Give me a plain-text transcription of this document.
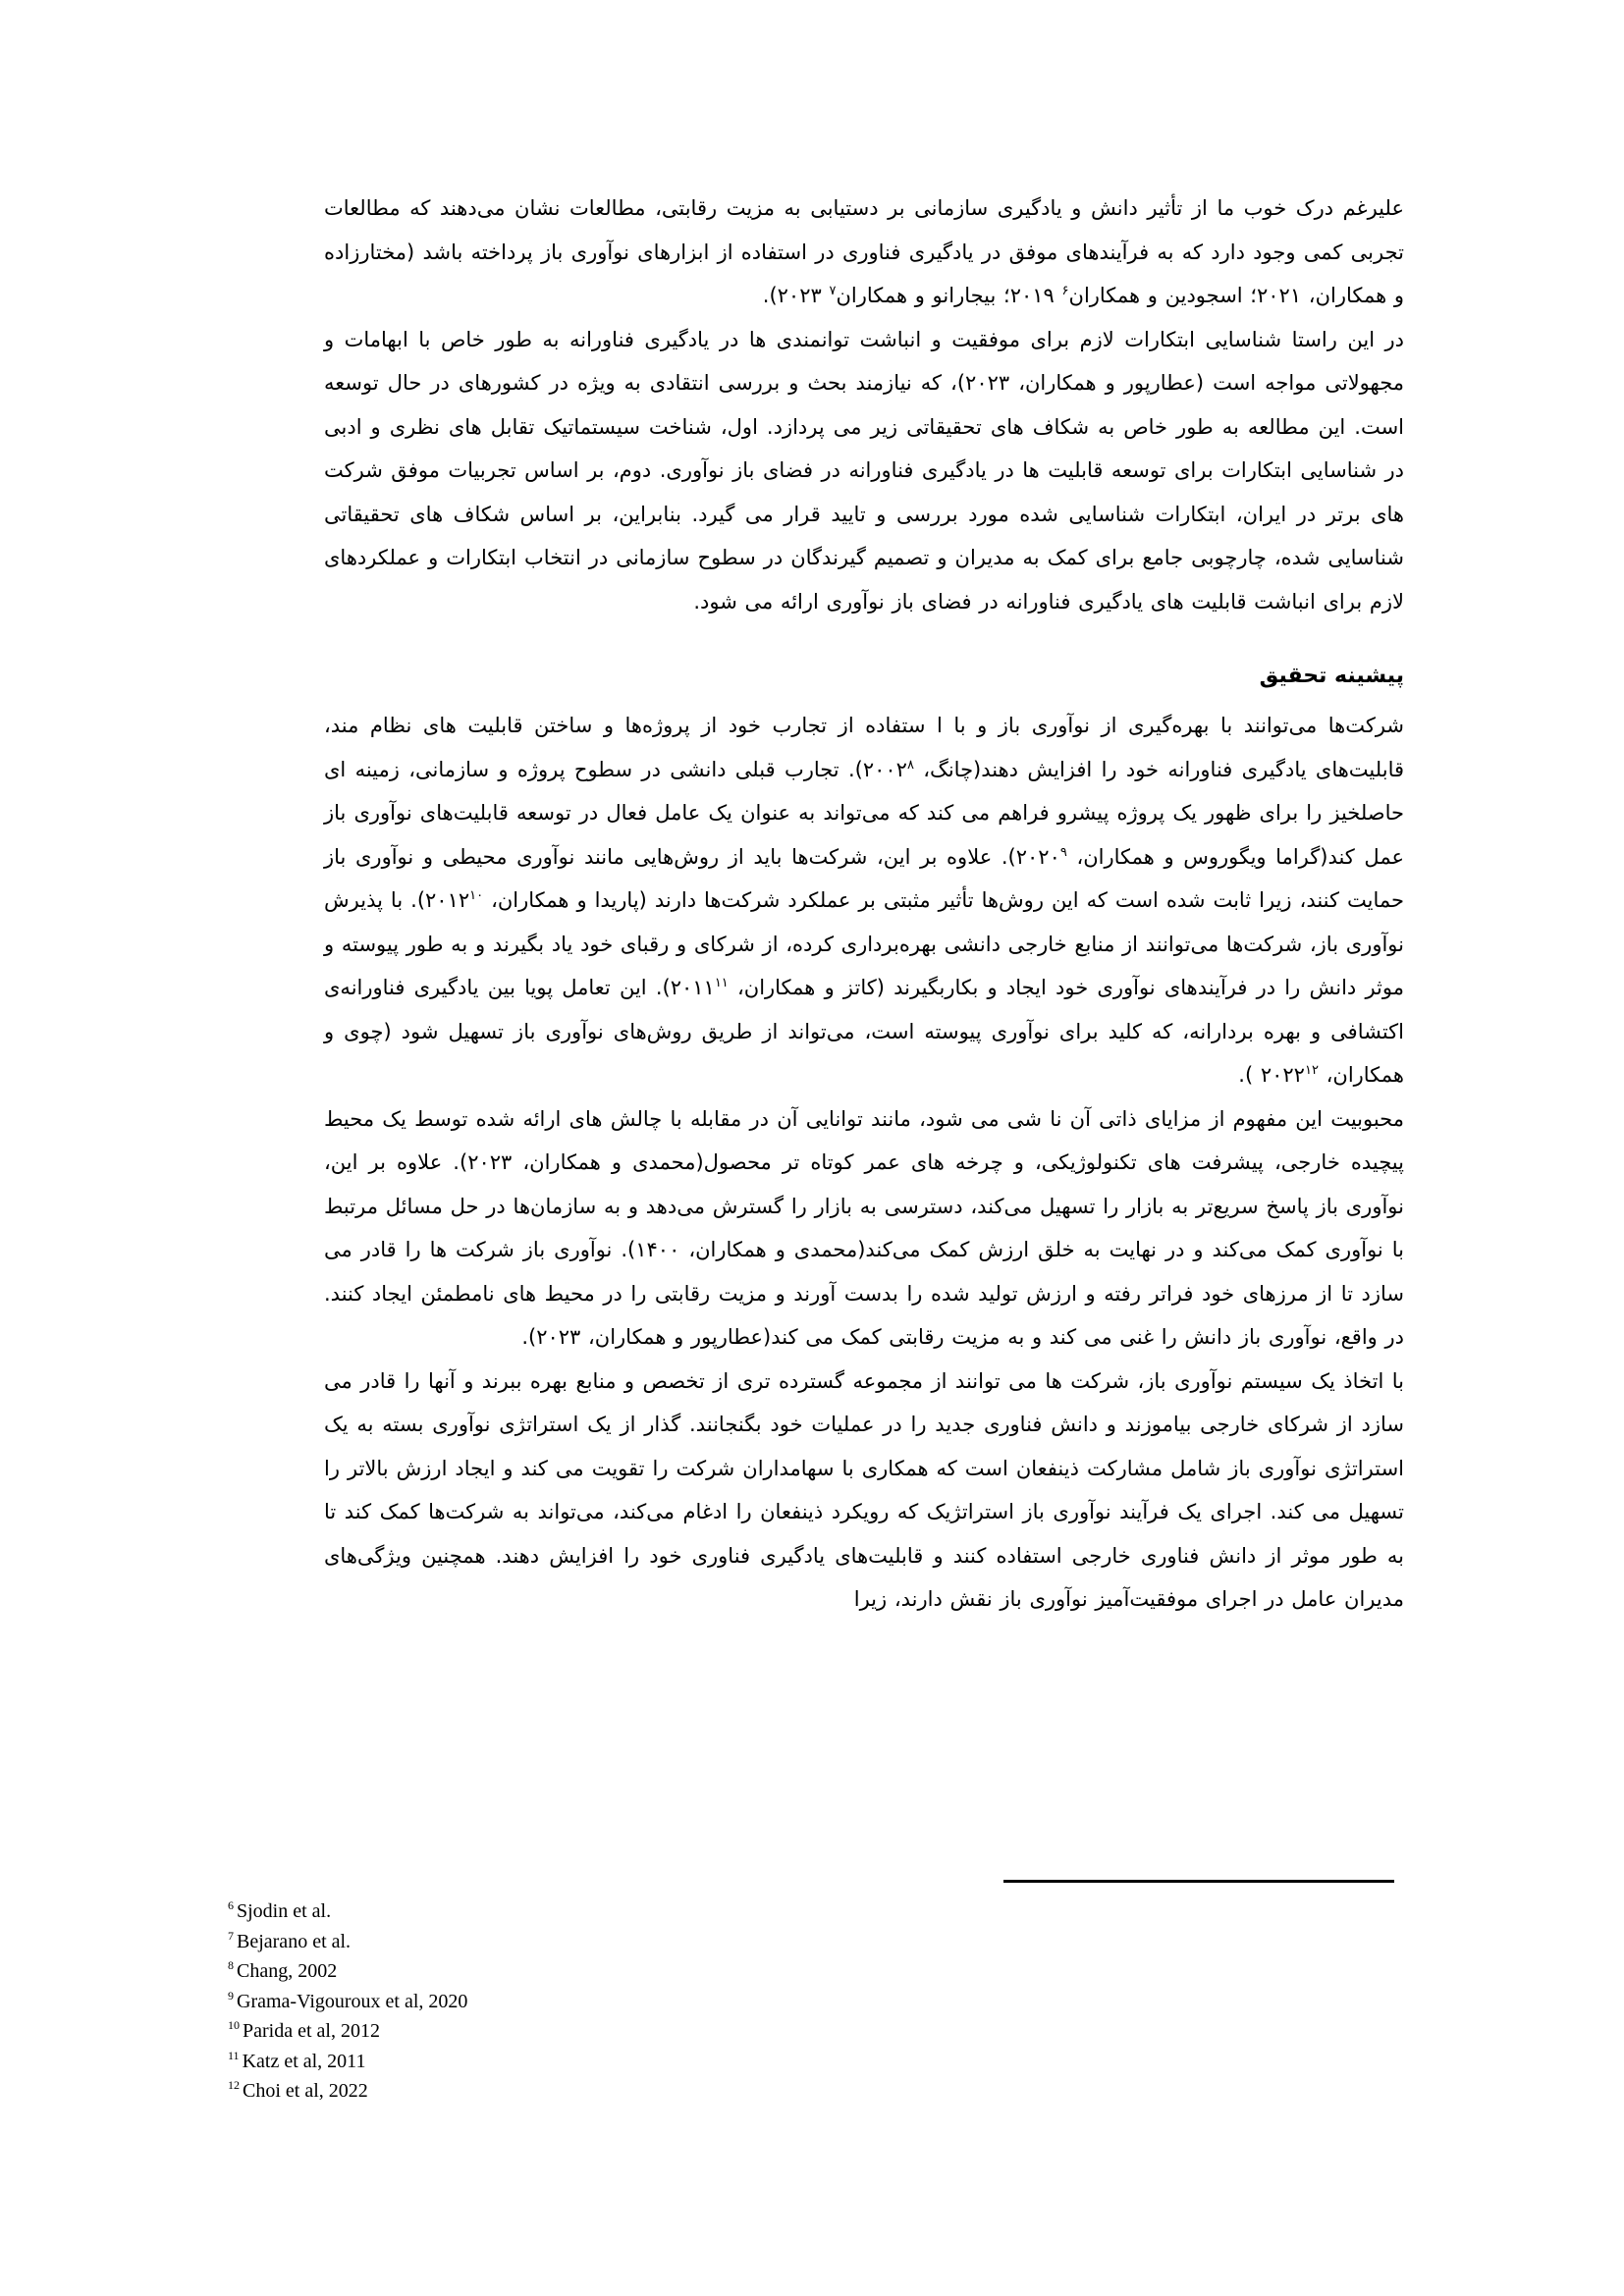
علیرغم درک خوب ما از تأثیر دانش و یادگیری سازمانی بر دستیابی به مزیت رقابتی، مطالعات نشان می‌دهند که مطالعات تجربی کمی وجود دارد که به فرآیندهای موفق در یادگیری فناوری در استفاده از ابزارهای نوآوری باز پرداخته باشد (مختارزاده و همکاران، ۲۰۲۱؛ اسجودین و همکاران$^۶$ ۲۰۱۹؛ بیجارانو و همکاران$^۷$ ۲۰۲۳).

در این راستا شناسایی ابتکارات لازم برای موفقیت و انباشت توانمندی ها در یادگیری فناورانه به طور خاص با ابهامات و مجهولاتی مواجه است (عطارپور و همکاران، ۲۰۲۳)، که نیازمند بحث و بررسی انتقادی به ویژه در کشورهای در حال توسعه است. این مطالعه به طور خاص به شکاف های تحقیقاتی زیر می پردازد. اول، شناخت سیستماتیک تقابل های نظری و ادبی در شناسایی ابتکارات برای توسعه قابلیت ها در یادگیری فناورانه در فضای باز نوآوری. دوم، بر اساس تجربیات موفق شرکت های برتر در ایران، ابتکارات شناسایی شده مورد بررسی و تایید قرار می گیرد. بنابراین، بر اساس شکاف های تحقیقاتی شناسایی شده، چارچوبی جامع برای کمک به مدیران و تصمیم گیرندگان در سطوح سازمانی در انتخاب ابتکارات و عملکردهای لازم برای انباشت قابلیت های یادگیری فناورانه در فضای باز نوآوری ارائه می شود.

پیشینه تحقیق

شرکت‌ها می‌توانند با بهره‌گیری از نوآوری باز و با ا ستفاده از تجارب خود از پروژه‌ها و ساختن قابلیت های نظام مند، قابلیت‌های یادگیری فناورانه خود را افزایش دهند(چانگ، ۲۰۰۲$^۸$). تجارب قبلی دانشی در سطوح پروژه و سازمانی، زمینه ای حاصلخیز را برای ظهور یک پروژه پیشرو فراهم می کند که می‌تواند به عنوان یک عامل فعال در توسعه قابلیت‌های نوآوری باز عمل کند(گراما ویگوروس و همکاران، ۲۰۲۰$^۹$). علاوه بر این، شرکت‌ها باید از روش‌هایی مانند نوآوری محیطی و نوآوری باز حمایت کنند، زیرا ثابت شده است که این روش‌ها تأثیر مثبتی بر عملکرد شرکت‌ها دارند (پاریدا و همکاران، ۲۰۱۲$^{۱۰}$). با پذیرش نوآوری باز، شرکت‌ها می‌توانند از منابع خارجی دانشی بهره‌برداری کرده، از شرکای و رقبای خود یاد بگیرند و به طور پیوسته و موثر دانش را در فرآیندهای نوآوری خود ایجاد و بکاربگیرند (کاتز و همکاران، ۲۰۱۱$^{۱۱}$). این تعامل پویا بین یادگیری فناورانه‌ی اکتشافی و بهره بردارانه، که کلید برای نوآوری پیوسته است، می‌تواند از طریق روش‌های نوآوری باز تسهیل شود (چوی و همکاران، ۲۰۲۲$^{۱۲}$ ).

محبوبیت این مفهوم از مزایای ذاتی آن نا شی می شود، مانند توانایی آن در مقابله با چالش های ارائه شده توسط یک محیط پیچیده خارجی، پیشرفت های تکنولوژیکی، و چرخه های عمر کوتاه تر محصول(محمدی و همکاران، ۲۰۲۳). علاوه بر این، نوآوری باز پاسخ سریع‌تر به بازار را تسهیل می‌کند، دسترسی به بازار را گسترش می‌دهد و به سازمان‌ها در حل مسائل مرتبط با نوآوری کمک می‌کند و در نهایت به خلق ارزش کمک می‌کند(محمدی و همکاران، ۱۴۰۰). نوآوری باز شرکت ها را قادر می سازد تا از مرزهای خود فراتر رفته و ارزش تولید شده را بدست آورند و مزیت رقابتی را در محیط های نامطمئن ایجاد کنند. در واقع، نوآوری باز دانش را غنی می کند و به مزیت رقابتی کمک می کند(عطارپور و همکاران، ۲۰۲۳).

با اتخاذ یک سیستم نوآوری باز، شرکت ها می توانند از مجموعه گسترده تری از تخصص و منابع بهره ببرند و آنها را قادر می سازد از شرکای خارجی بیاموزند و دانش فناوری جدید را در عملیات خود بگنجانند. گذار از یک استراتژی نوآوری بسته به یک استراتژی نوآوری باز شامل مشارکت ذینفعان است که همکاری با سهامداران شرکت را تقویت می کند و ایجاد ارزش بالاتر را تسهیل می کند. اجرای یک فرآیند نوآوری باز استراتژیک که رویکرد ذینفعان را ادغام می‌کند، می‌تواند به شرکت‌ها کمک کند تا به طور موثر از دانش فناوری خارجی استفاده کنند و قابلیت‌های یادگیری فناوری خود را افزایش دهند. همچنین ویژگی‌های مدیران عامل در اجرای موفقیت‌آمیز نوآوری باز نقش دارند، زیرا

$^6$ Sjodin et al.
$^7$ Bejarano et al.
$^8$ Chang, 2002
$^9$ Grama-Vigouroux et al, 2020
$^{10}$ Parida et al, 2012
$^{11}$ Katz et al, 2011
$^{12}$ Choi et al, 2022
